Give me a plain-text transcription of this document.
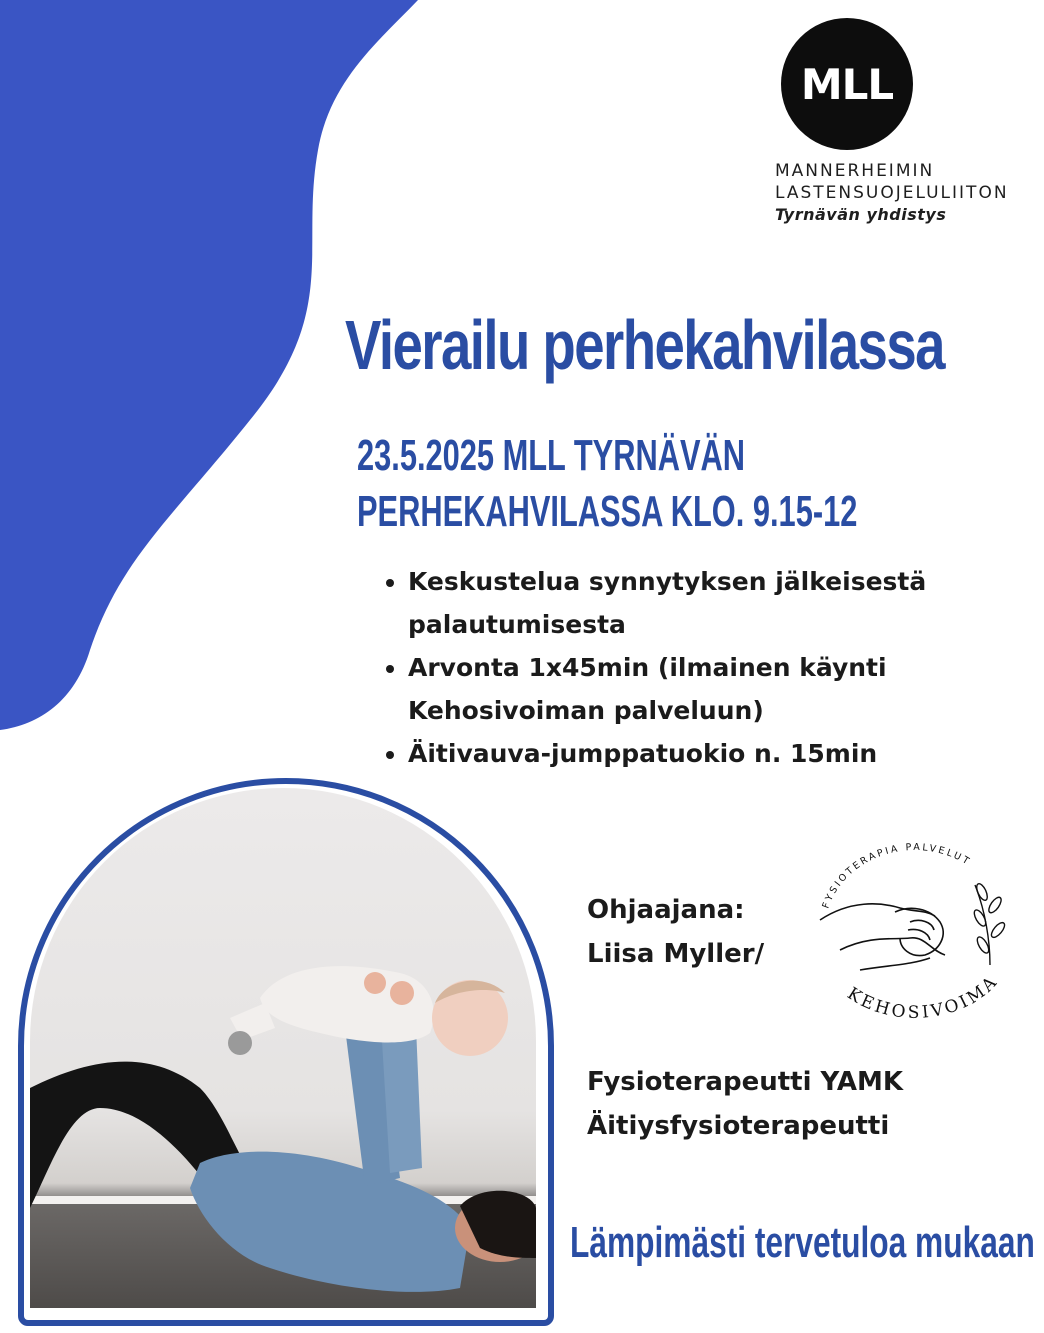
MLL
MANNERHEIMIN
LASTENSUOJELULIITON
Tyrnävän yhdistys
Vierailu perhekahvilassa
23.5.2025 MLL TYRNÄVÄN
PERHEKAHVILASSA KLO. 9.15-12
• Keskustelua synnytyksen jälkeisestä palautumisesta
• Arvonta 1x45min (ilmainen käynti Kehosivoiman palveluun)
• Äitivauva-jumppatuokio n. 15min
Ohjaajana:
Liisa Myller/
FYSIOTERAPIA PALVELUT
KEHOSIVOIMA
Fysioterapeutti YAMK
Äitiysfysioterapeutti
Lämpimästi tervetuloa mukaan
